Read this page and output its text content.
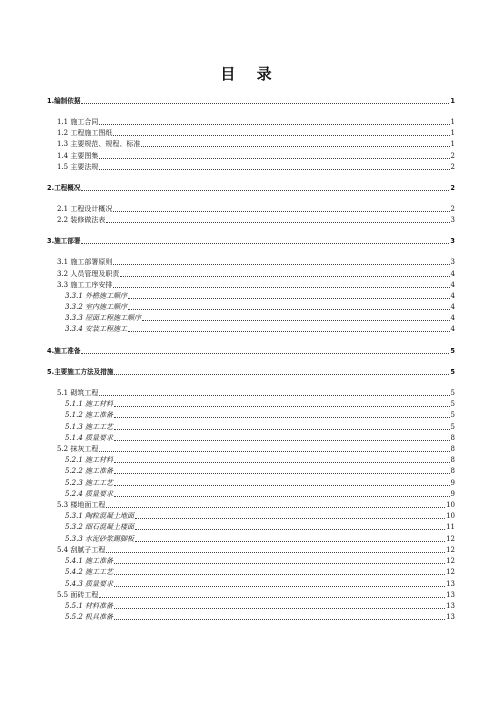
目 录
1.编制依据	1
1.1 施工合同	1
1.2 工程施工图纸	1
1.3 主要规范、规程、标准	1
1.4 主要图集	2
1.5 主要法规	2
2.工程概况	2
2.1 工程设计概况	2
2.2 装修做法表	3
3.施工部署	3
3.1 施工部署原则	3
3.2 人员管理及职责	4
3.3 施工工序安排	4
3.3.1 外檐施工顺序	4
3.3.2 室内施工顺序	4
3.3.3 屋面工程施工顺序	4
3.3.4 安装工程施工	4
4.施工准备	5
5.主要施工方法及措施	5
5.1 砌筑工程	5
5.1.1 施工材料	5
5.1.2 施工准备	5
5.1.3 施工工艺	5
5.1.4 质量要求	8
5.2 抹灰工程	8
5.2.1 施工材料	8
5.2.2 施工准备	8
5.2.3 施工工艺	9
5.2.4 质量要求	9
5.3 楼地面工程	10
5.3.1 陶粒混凝土地面	10
5.3.2 细石混凝土楼面	11
5.3.3 水泥砂浆踢脚板	12
5.4 刮腻子工程	12
5.4.1 施工准备	12
5.4.2 施工工艺	12
5.4.3 质量要求	13
5.5 面砖工程	13
5.5.1 材料准备	13
5.5.2 机具准备	13
